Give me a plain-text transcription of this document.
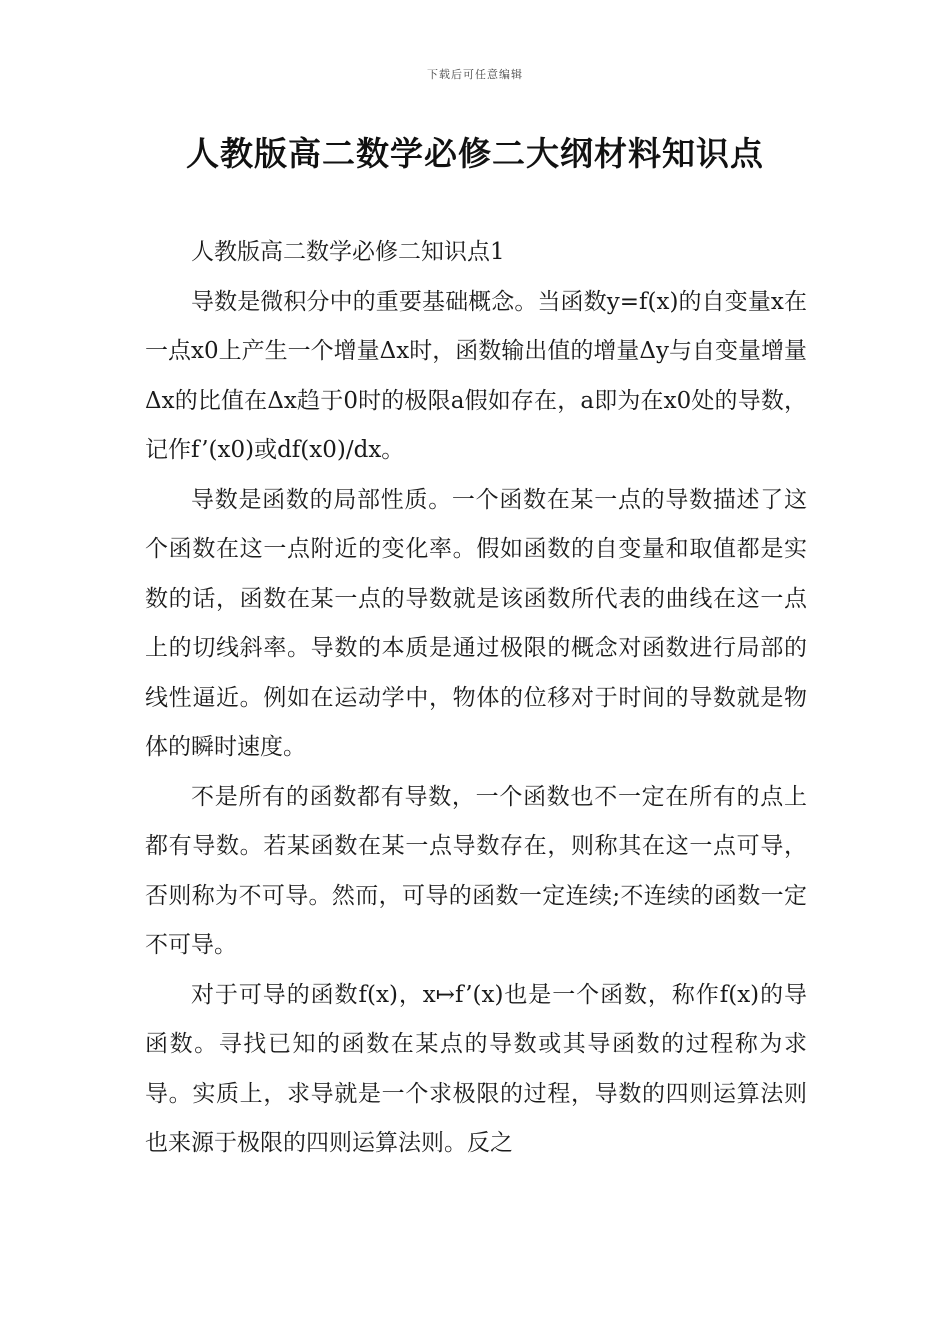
下载后可任意编辑
人教版高二数学必修二大纲材料知识点

人教版高二数学必修二知识点1

导数是微积分中的重要基础概念。当函数y=f(x)的自变量x在一点x0上产生一个增量Δx时，函数输出值的增量Δy与自变量增量Δx的比值在Δx趋于0时的极限a假如存在，a即为在x0处的导数，记作f’(x0)或df(x0)/dx。

导数是函数的局部性质。一个函数在某一点的导数描述了这个函数在这一点附近的变化率。假如函数的自变量和取值都是实数的话，函数在某一点的导数就是该函数所代表的曲线在这一点上的切线斜率。导数的本质是通过极限的概念对函数进行局部的线性逼近。例如在运动学中，物体的位移对于时间的导数就是物体的瞬时速度。

不是所有的函数都有导数，一个函数也不一定在所有的点上都有导数。若某函数在某一点导数存在，则称其在这一点可导，否则称为不可导。然而，可导的函数一定连续;不连续的函数一定不可导。

对于可导的函数f(x)，x↦f’(x)也是一个函数，称作f(x)的导函数。寻找已知的函数在某点的导数或其导函数的过程称为求导。实质上，求导就是一个求极限的过程，导数的四则运算法则也来源于极限的四则运算法则。反之
